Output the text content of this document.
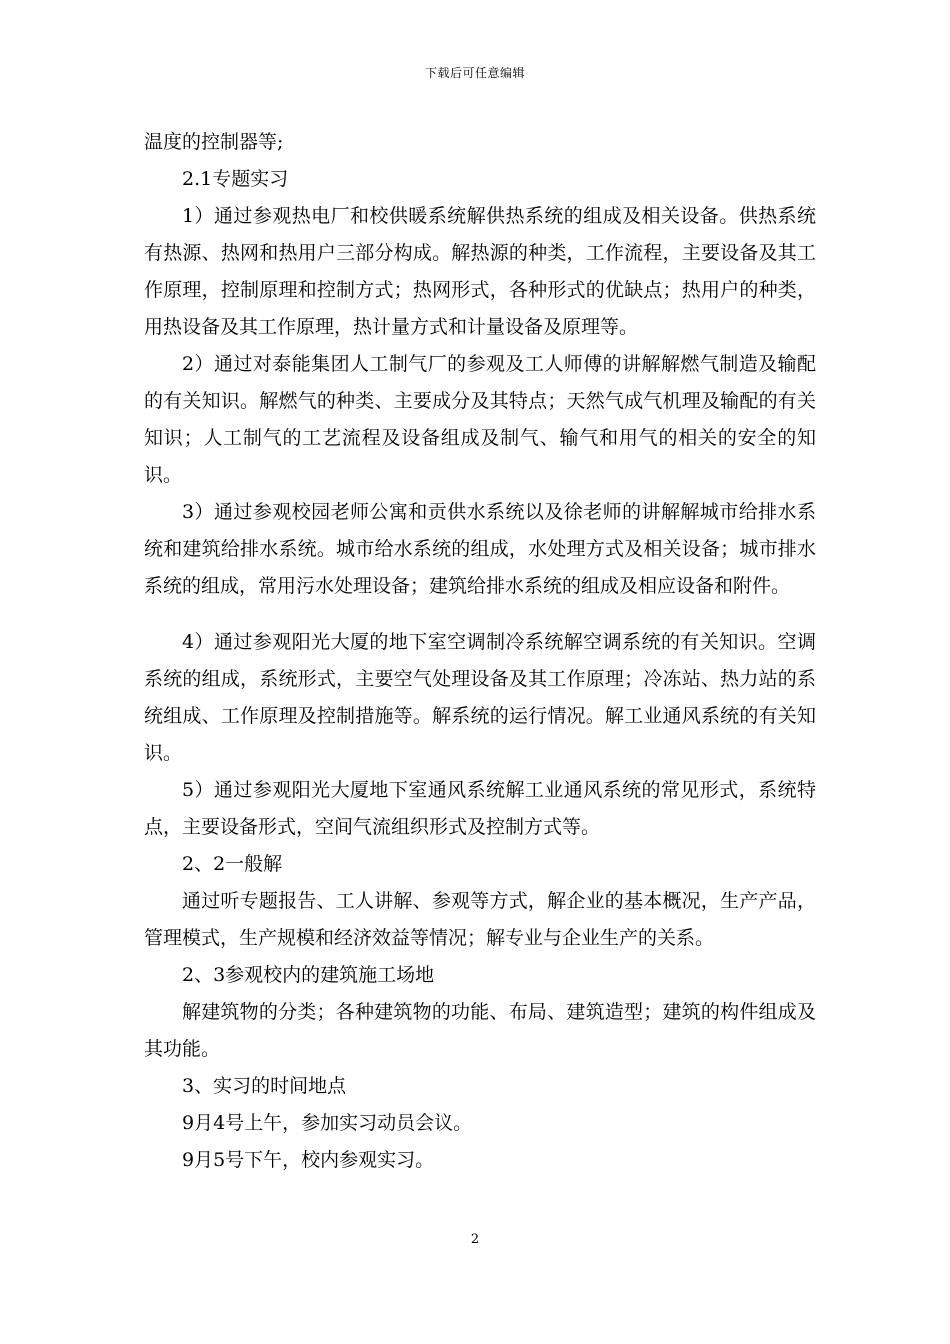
下载后可任意编辑

温度的控制器等;

2.1专题实习

1）通过参观热电厂和校供暖系统解供热系统的组成及相关设备。供热系统有热源、热网和热用户三部分构成。解热源的种类，工作流程，主要设备及其工作原理，控制原理和控制方式；热网形式，各种形式的优缺点；热用户的种类，用热设备及其工作原理，热计量方式和计量设备及原理等。

2）通过对泰能集团人工制气厂的参观及工人师傅的讲解解燃气制造及输配的有关知识。解燃气的种类、主要成分及其特点；天然气成气机理及输配的有关知识；人工制气的工艺流程及设备组成及制气、输气和用气的相关的安全的知识。

3）通过参观校园老师公寓和贡供水系统以及徐老师的讲解解城市给排水系统和建筑给排水系统。城市给水系统的组成，水处理方式及相关设备；城市排水系统的组成，常用污水处理设备；建筑给排水系统的组成及相应设备和附件。

4）通过参观阳光大厦的地下室空调制冷系统解空调系统的有关知识。空调系统的组成，系统形式，主要空气处理设备及其工作原理；冷冻站、热力站的系统组成、工作原理及控制措施等。解系统的运行情况。解工业通风系统的有关知识。

5）通过参观阳光大厦地下室通风系统解工业通风系统的常见形式，系统特点，主要设备形式，空间气流组织形式及控制方式等。

2、2一般解

通过听专题报告、工人讲解、参观等方式，解企业的基本概况，生产产品，管理模式，生产规模和经济效益等情况；解专业与企业生产的关系。

2、3参观校内的建筑施工场地

解建筑物的分类；各种建筑物的功能、布局、建筑造型；建筑的构件组成及其功能。

3、实习的时间地点

9月4号上午，参加实习动员会议。

9月5号下午，校内参观实习。

2
